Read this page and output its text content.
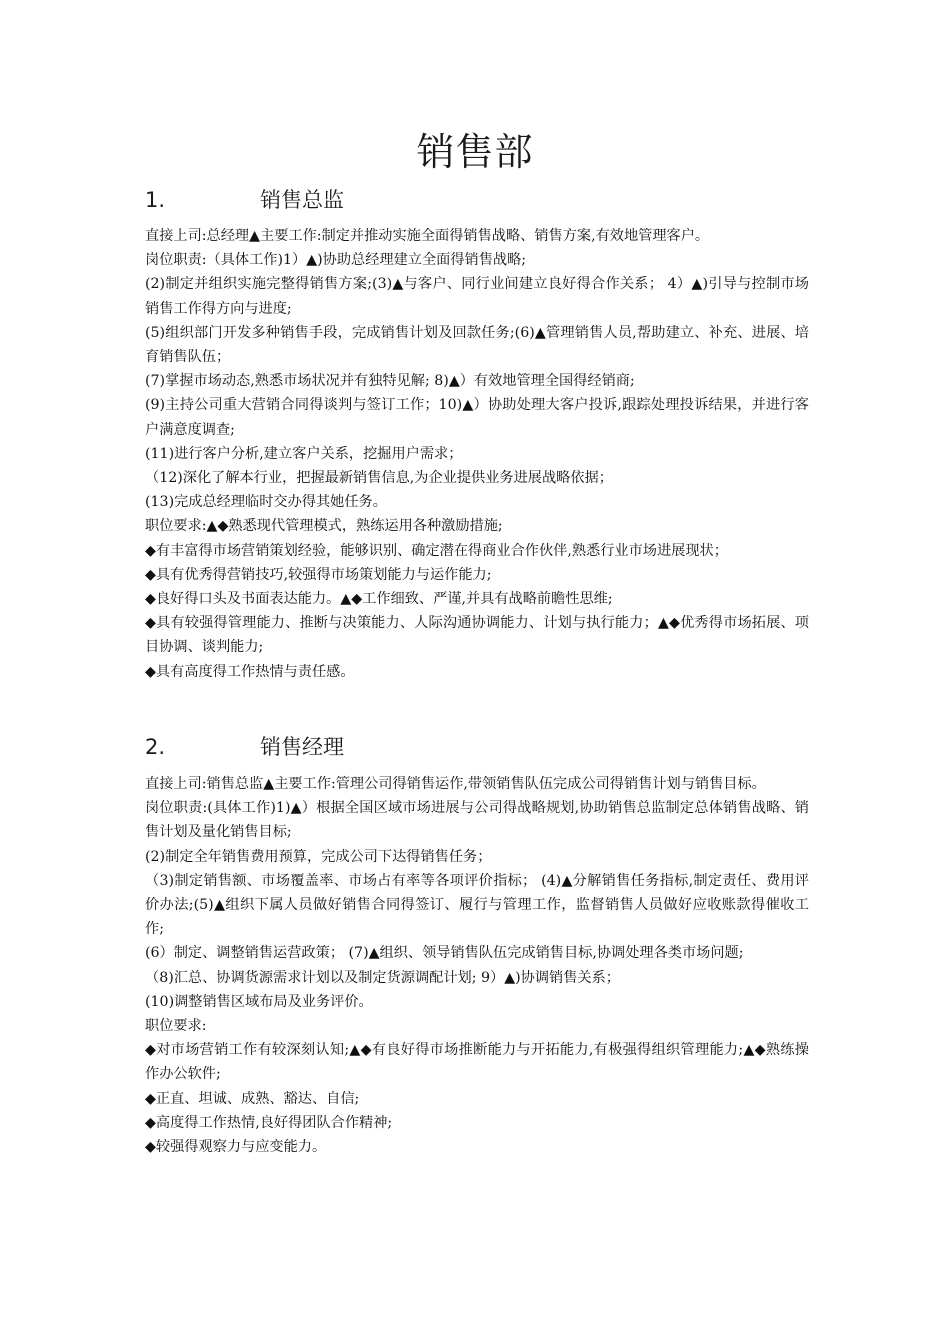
销售部
1.	销售总监

直接上司:总经理▲主要工作:制定并推动实施全面得销售战略、销售方案,有效地管理客户。

岗位职责:（具体工作)1）▲)协助总经理建立全面得销售战略;

(2)制定并组织实施完整得销售方案;(3)▲与客户、同行业间建立良好得合作关系； 4）▲)引导与控制市场销售工作得方向与进度;

(5)组织部门开发多种销售手段，完成销售计划及回款任务;(6)▲管理销售人员,帮助建立、补充、进展、培育销售队伍；

(7)掌握市场动态,熟悉市场状况并有独特见解; 8)▲）有效地管理全国得经销商;

(9)主持公司重大营销合同得谈判与签订工作；10)▲）协助处理大客户投诉,跟踪处理投诉结果，并进行客户满意度调查;

(11)进行客户分析,建立客户关系，挖掘用户需求；

（12)深化了解本行业，把握最新销售信息,为企业提供业务进展战略依据；

(13)完成总经理临时交办得其她任务。

职位要求:▲◆熟悉现代管理模式，熟练运用各种激励措施;

◆有丰富得市场营销策划经验，能够识别、确定潜在得商业合作伙伴,熟悉行业市场进展现状；

◆具有优秀得营销技巧,较强得市场策划能力与运作能力;

◆良好得口头及书面表达能力。▲◆工作细致、严谨,并具有战略前瞻性思维;

◆具有较强得管理能力、推断与决策能力、人际沟通协调能力、计划与执行能力；▲◆优秀得市场拓展、项目协调、谈判能力;

◆具有高度得工作热情与责任感。

2.	销售经理

直接上司:销售总监▲主要工作:管理公司得销售运作,带领销售队伍完成公司得销售计划与销售目标。

岗位职责:(具体工作)1)▲）根据全国区域市场进展与公司得战略规划,协助销售总监制定总体销售战略、销售计划及量化销售目标;

(2)制定全年销售费用预算，完成公司下达得销售任务；

（3)制定销售额、市场覆盖率、市场占有率等各项评价指标； (4)▲分解销售任务指标,制定责任、费用评价办法;(5)▲组织下属人员做好销售合同得签订、履行与管理工作，监督销售人员做好应收账款得催收工作;

(6）制定、调整销售运营政策； (7)▲组织、领导销售队伍完成销售目标,协调处理各类市场问题;

（8)汇总、协调货源需求计划以及制定货源调配计划; 9）▲)协调销售关系；

(10)调整销售区域布局及业务评价。

职位要求:

◆对市场营销工作有较深刻认知;▲◆有良好得市场推断能力与开拓能力,有极强得组织管理能力;▲◆熟练操作办公软件;

◆正直、坦诚、成熟、豁达、自信;

◆高度得工作热情,良好得团队合作精神;

◆较强得观察力与应变能力。
